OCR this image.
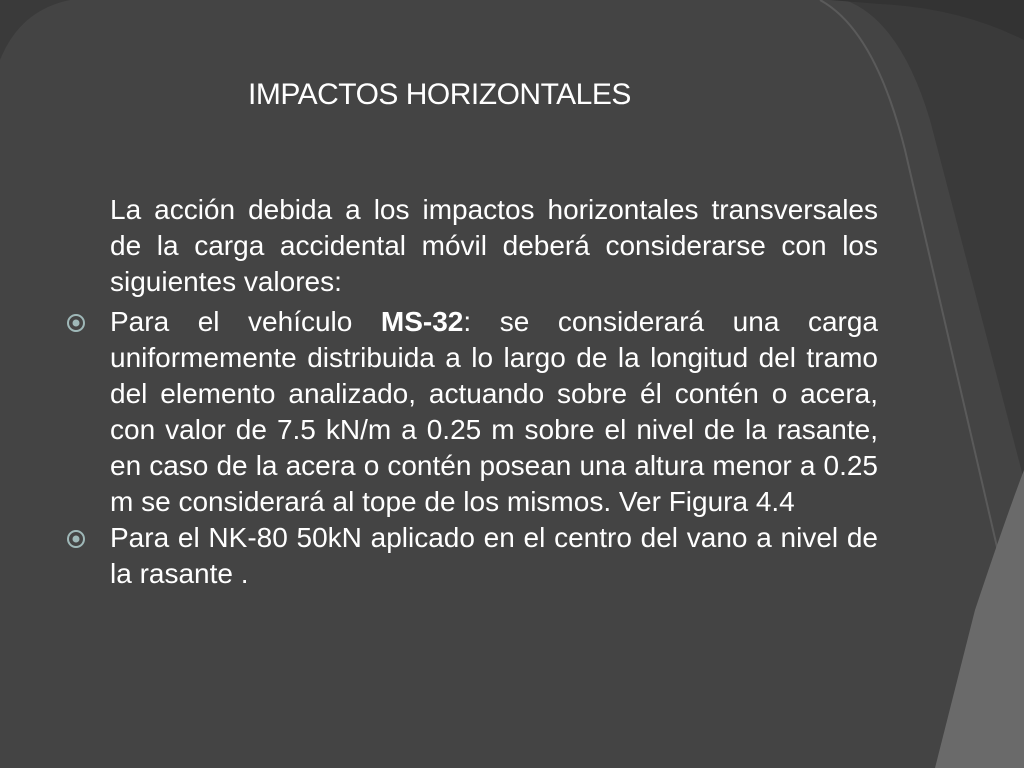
IMPACTOS HORIZONTALES

La acción debida a los impactos horizontales transversales de la carga accidental móvil deberá considerarse con los siguientes valores:

Para el vehículo MS-32: se considerará una carga uniformemente distribuida a lo largo de la longitud del tramo del elemento analizado, actuando sobre él contén o acera, con valor de 7.5 kN/m a 0.25 m sobre el nivel de la rasante, en caso de la acera o contén posean una altura menor a 0.25 m se considerará al tope de los mismos. Ver Figura 4.4

Para el NK-80 50kN aplicado en el centro del vano a nivel de la rasante .
